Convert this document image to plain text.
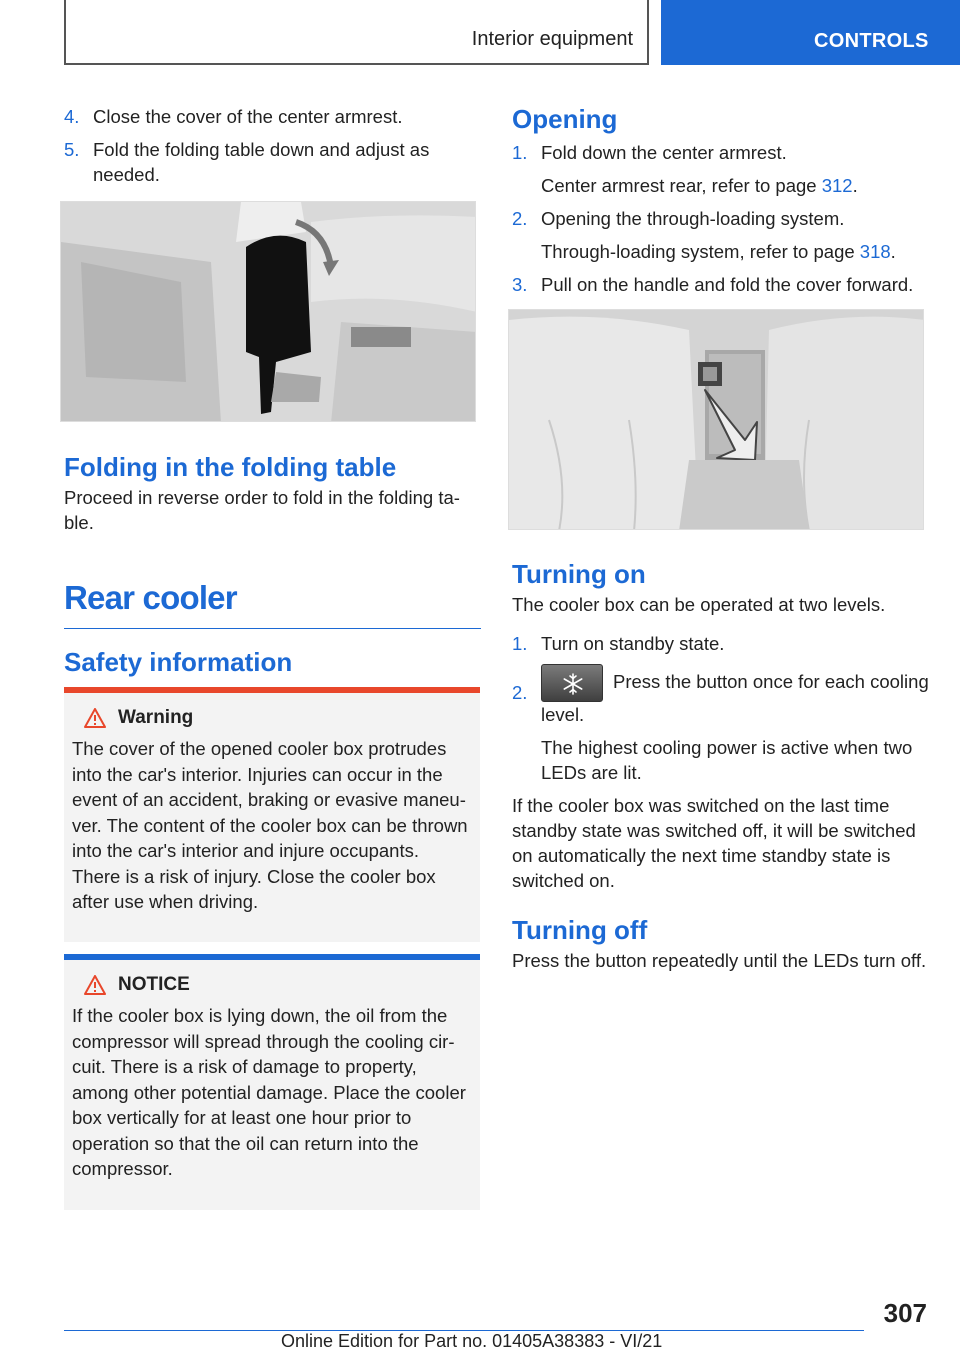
Interior equipment	CONTROLS
4. Close the cover of the center armrest.

5. Fold the folding table down and adjust as needed.

Folding in the folding table

Proceed in reverse order to fold in the folding table.

Rear cooler
Safety information
Warning

The cover of the opened cooler box protrudes into the car's interior. Injuries can occur in the event of an accident, braking or evasive maneuver. The content of the cooler box can be thrown into the car's interior and injure occupants. There is a risk of injury. Close the cooler box after use when driving.

NOTICE

If the cooler box is lying down, the oil from the compressor will spread through the cooling circuit. There is a risk of damage to property, among other potential damage. Place the cooler box vertically for at least one hour prior to operation so that the oil can return into the compressor.

Opening
1. Fold down the center armrest.

Center armrest rear, refer to page 312.

2. Opening the through-loading system.

Through-loading system, refer to page 318.

3. Pull on the handle and fold the cover forward.

Turning on

The cooler box can be operated at two levels.

1. Turn on standby state.

2.

Press the button once for each cooling level.

The highest cooling power is active when two LEDs are lit.

If the cooler box was switched on the last time standby state was switched off, it will be switched on automatically the next time standby state is switched on.

Turning off

Press the button repeatedly until the LEDs turn off.

307
Online Edition for Part no. 01405A38383 - VI/21
